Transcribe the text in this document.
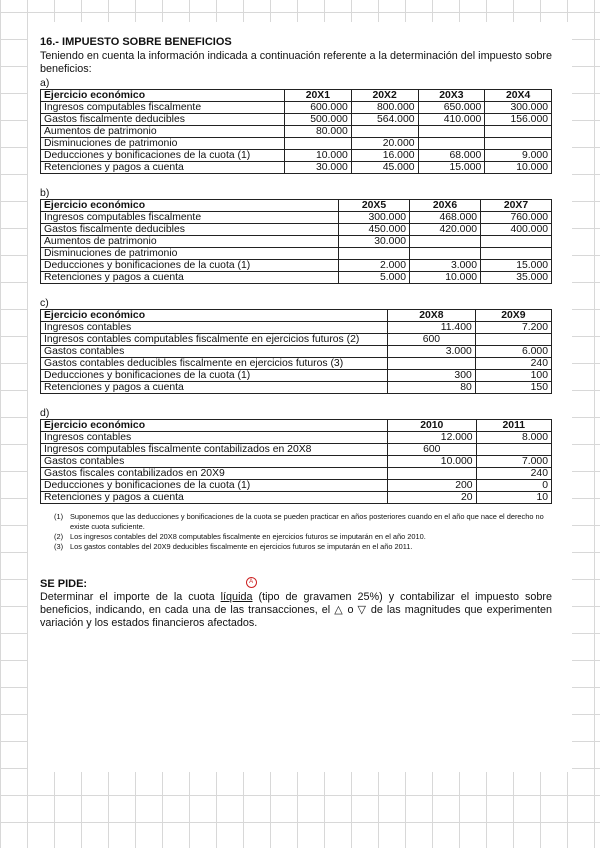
16.- IMPUESTO SOBRE BENEFICIOS
Teniendo en cuenta la información indicada a continuación referente a la determinación del impuesto sobre beneficios:
a)
Ejercicio económico	20X1	20X2	20X3	20X4
Ingresos computables fiscalmente	600.000	800.000	650.000	300.000
Gastos fiscalmente deducibles	500.000	564.000	410.000	156.000
Aumentos de patrimonio	80.000			
Disminuciones de patrimonio		20.000		
Deducciones y bonificaciones de la cuota (1)	10.000	16.000	68.000	9.000
Retenciones y pagos a cuenta	30.000	45.000	15.000	10.000
b)
Ejercicio económico	20X5	20X6	20X7
Ingresos computables fiscalmente	300.000	468.000	760.000
Gastos fiscalmente deducibles	450.000	420.000	400.000
Aumentos de patrimonio	30.000		
Disminuciones de patrimonio			
Deducciones y bonificaciones de la cuota (1)	2.000	3.000	15.000
Retenciones y pagos a cuenta	5.000	10.000	35.000
c)
Ejercicio económico	20X8	20X9
Ingresos contables	11.400	7.200
Ingresos contables computables fiscalmente en ejercicios futuros (2)	600	
Gastos contables	3.000	6.000
Gastos contables deducibles fiscalmente en ejercicios futuros (3)		240
Deducciones y bonificaciones de la cuota (1)	300	100
Retenciones y pagos a cuenta	80	150
d)
Ejercicio económico	2010	2011
Ingresos contables	12.000	8.000
Ingresos computables fiscalmente contabilizados en 20X8	600	
Gastos contables	10.000	7.000
Gastos fiscales contabilizados en 20X9		240
Deducciones y bonificaciones de la cuota (1)	200	0
Retenciones y pagos a cuenta	20	10
(1) Suponemos que las deducciones y bonificaciones de la cuota se pueden practicar en años posteriores cuando en el año que nace el derecho no existe cuota suficiente.
(2) Los ingresos contables del 20X8 computables fiscalmente en ejercicios futuros se imputarán en el año 2010.
(3) Los gastos contables del 20X9 deducibles fiscalmente en ejercicios futuros se imputarán en el año 2011.
SE PIDE:
Determinar el importe de la cuota líquida
A
(tipo de gravamen 25%) y contabilizar el impuesto sobre beneficios, indicando, en cada una de las transacciones, el △ o ▽ de las magnitudes que experimenten variación y los estados financieros afectados.
